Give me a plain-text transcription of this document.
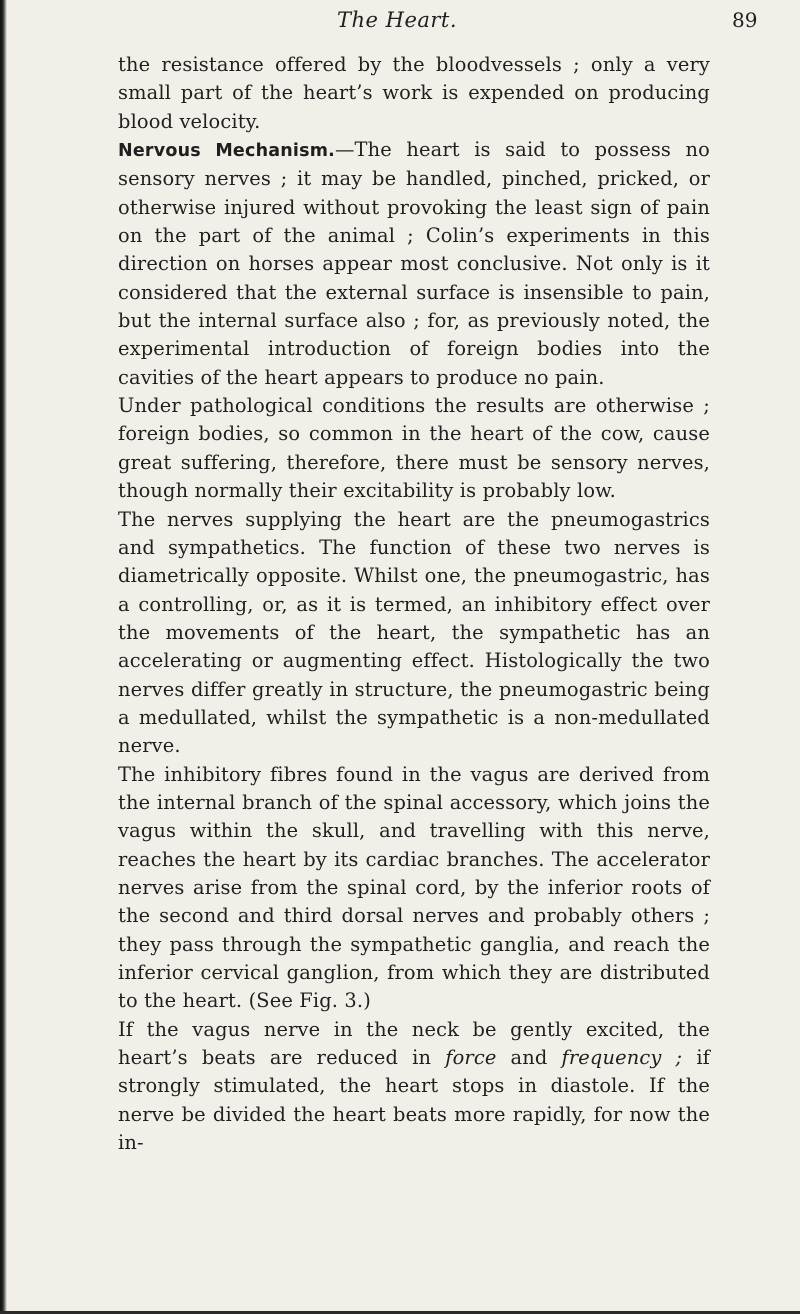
The Heart.	89

the resistance offered by the bloodvessels ; only a very small part of the heart’s work is expended on producing blood velocity.

Nervous Mechanism.—The heart is said to possess no sensory nerves ; it may be handled, pinched, pricked, or otherwise injured without provoking the least sign of pain on the part of the animal ; Colin’s experiments in this direction on horses appear most conclusive. Not only is it considered that the external surface is insensible to pain, but the internal surface also ; for, as previously noted, the experimental introduction of foreign bodies into the cavities of the heart appears to produce no pain.

Under pathological conditions the results are otherwise ; foreign bodies, so common in the heart of the cow, cause great suffering, therefore, there must be sensory nerves, though normally their excitability is probably low.

The nerves supplying the heart are the pneumogastrics and sympathetics. The function of these two nerves is diametrically opposite. Whilst one, the pneumogastric, has a controlling, or, as it is termed, an inhibitory effect over the movements of the heart, the sympathetic has an accelerating or augmenting effect. Histologically the two nerves differ greatly in structure, the pneumogastric being a medullated, whilst the sympathetic is a non-medullated nerve.

The inhibitory fibres found in the vagus are derived from the internal branch of the spinal accessory, which joins the vagus within the skull, and travelling with this nerve, reaches the heart by its cardiac branches. The accelerator nerves arise from the spinal cord, by the inferior roots of the second and third dorsal nerves and probably others ; they pass through the sympathetic ganglia, and reach the inferior cervical ganglion, from which they are distributed to the heart. (See Fig. 3.)

If the vagus nerve in the neck be gently excited, the heart’s beats are reduced in force and frequency ; if strongly stimulated, the heart stops in diastole. If the nerve be divided the heart beats more rapidly, for now the in-
